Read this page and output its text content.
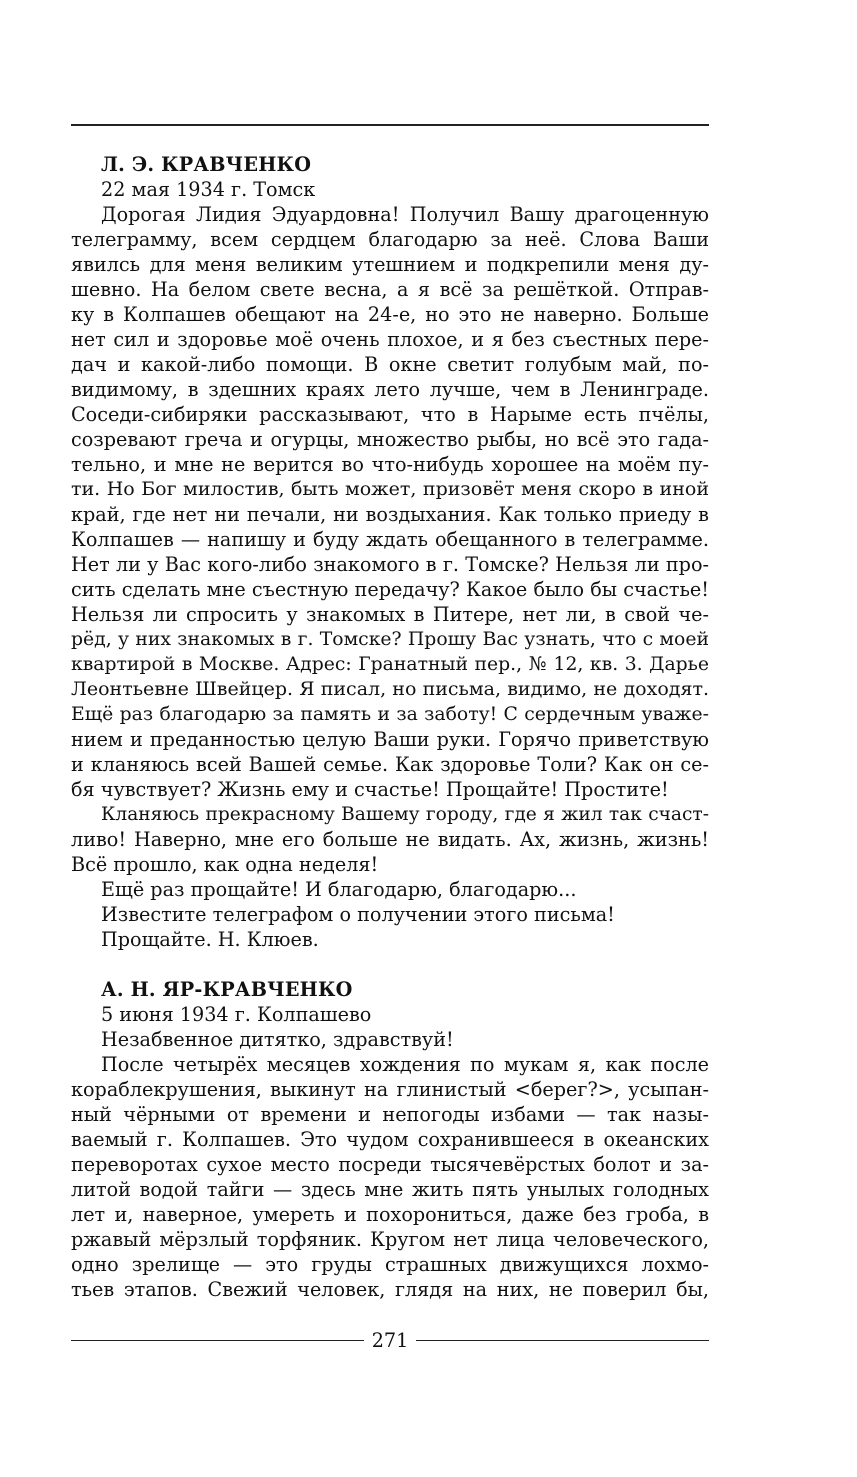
Л. Э. КРАВЧЕНКО
22 мая 1934 г. Томск
Дорогая Лидия Эдуардовна! Получил Вашу драгоценную
телеграмму, всем сердцем благодарю за неё. Слова Ваши
явилсь для меня великим утешнием и подкрепили меня ду-
шевно. На белом свете весна, а я всё за решёткой. Отправ-
ку в Колпашев обещают на 24-е, но это не наверно. Больше
нет сил и здоровье моё очень плохое, и я без съестных пере-
дач и какой-либо помощи. В окне светит голубым май, по-
видимому, в здешних краях лето лучше, чем в Ленинграде.
Соседи-сибиряки рассказывают, что в Нарыме есть пчёлы,
созревают греча и огурцы, множество рыбы, но всё это гада-
тельно, и мне не верится во что-нибудь хорошее на моём пу-
ти. Но Бог милостив, быть может, призовёт меня скоро в иной
край, где нет ни печали, ни воздыхания. Как только приеду в
Колпашев — напишу и буду ждать обещанного в телеграмме.
Нет ли у Вас кого-либо знакомого в г. Томске? Нельзя ли про-
сить сделать мне съестную передачу? Какое было бы счастье!
Нельзя ли спросить у знакомых в Питере, нет ли, в свой че-
рёд, у них знакомых в г. Томске? Прошу Вас узнать, что с моей
квартирой в Москве. Адрес: Гранатный пер., № 12, кв. 3. Дарье
Леонтьевне Швейцер. Я писал, но письма, видимо, не доходят.
Ещё раз благодарю за память и за заботу! С сердечным уваже-
нием и преданностью целую Ваши руки. Горячо приветствую
и кланяюсь всей Вашей семье. Как здоровье Толи? Как он се-
бя чувствует? Жизнь ему и счастье! Прощайте! Простите!
Кланяюсь прекрасному Вашему городу, где я жил так счаст-
ливо! Наверно, мне его больше не видать. Ах, жизнь, жизнь!
Всё прошло, как одна неделя!
Ещё раз прощайте! И благодарю, благодарю...
Известите телеграфом о получении этого письма!
Прощайте. Н. Клюев.
А. Н. ЯР-КРАВЧЕНКО
5 июня 1934 г. Колпашево
Незабвенное дитятко, здравствуй!
После четырёх месяцев хождения по мукам я, как после
кораблекрушения, выкинут на глинистый <берег?>, усыпан-
ный чёрными от времени и непогоды избами — так назы-
ваемый г. Колпашев. Это чудом сохранившееся в океанских
переворотах сухое место посреди тысячевёрстых болот и за-
литой водой тайги — здесь мне жить пять унылых голодных
лет и, наверное, умереть и похорониться, даже без гроба, в
ржавый мёрзлый торфяник. Кругом нет лица человеческого,
одно зрелище — это груды страшных движущихся лохмо-
тьев этапов. Свежий человек, глядя на них, не поверил бы,
271
